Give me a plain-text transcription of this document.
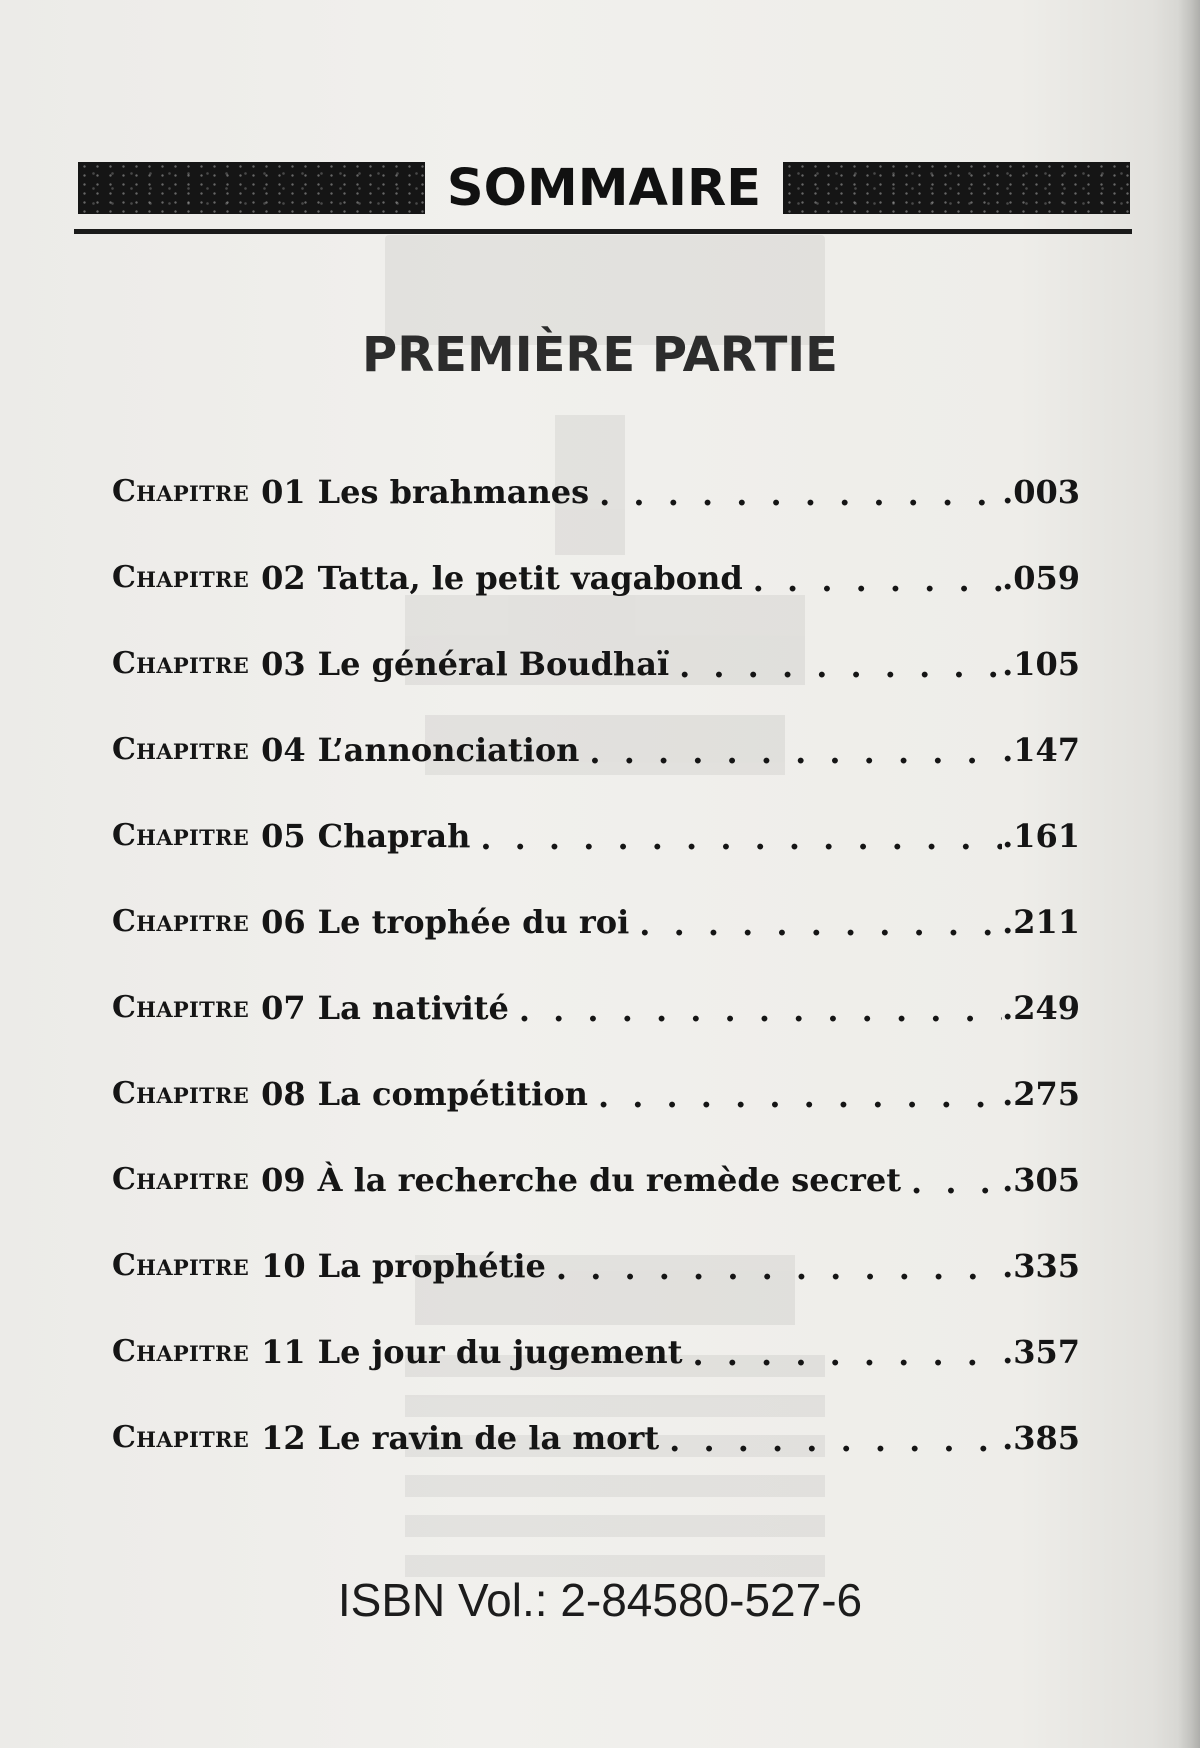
SOMMAIRE
PREMIÈRE PARTIE
Chapitre 01 Les brahmanes . . .	.003
Chapitre 02 Tatta, le petit vagabond . . .	.059
Chapitre 03 Le général Boudhaï . . .	.105
Chapitre 04 L’annonciation . . .	.147
Chapitre 05 Chaprah . . .	.161
Chapitre 06 Le trophée du roi . . .	.211
Chapitre 07 La nativité . . .	.249
Chapitre 08 La compétition . . .	.275
Chapitre 09 À la recherche du remède secret . . .	.305
Chapitre 10 La prophétie . . .	.335
Chapitre 11 Le jour du jugement . . .	.357
Chapitre 12 Le ravin de la mort . . .	.385
ISBN Vol.: 2-84580-527-6
